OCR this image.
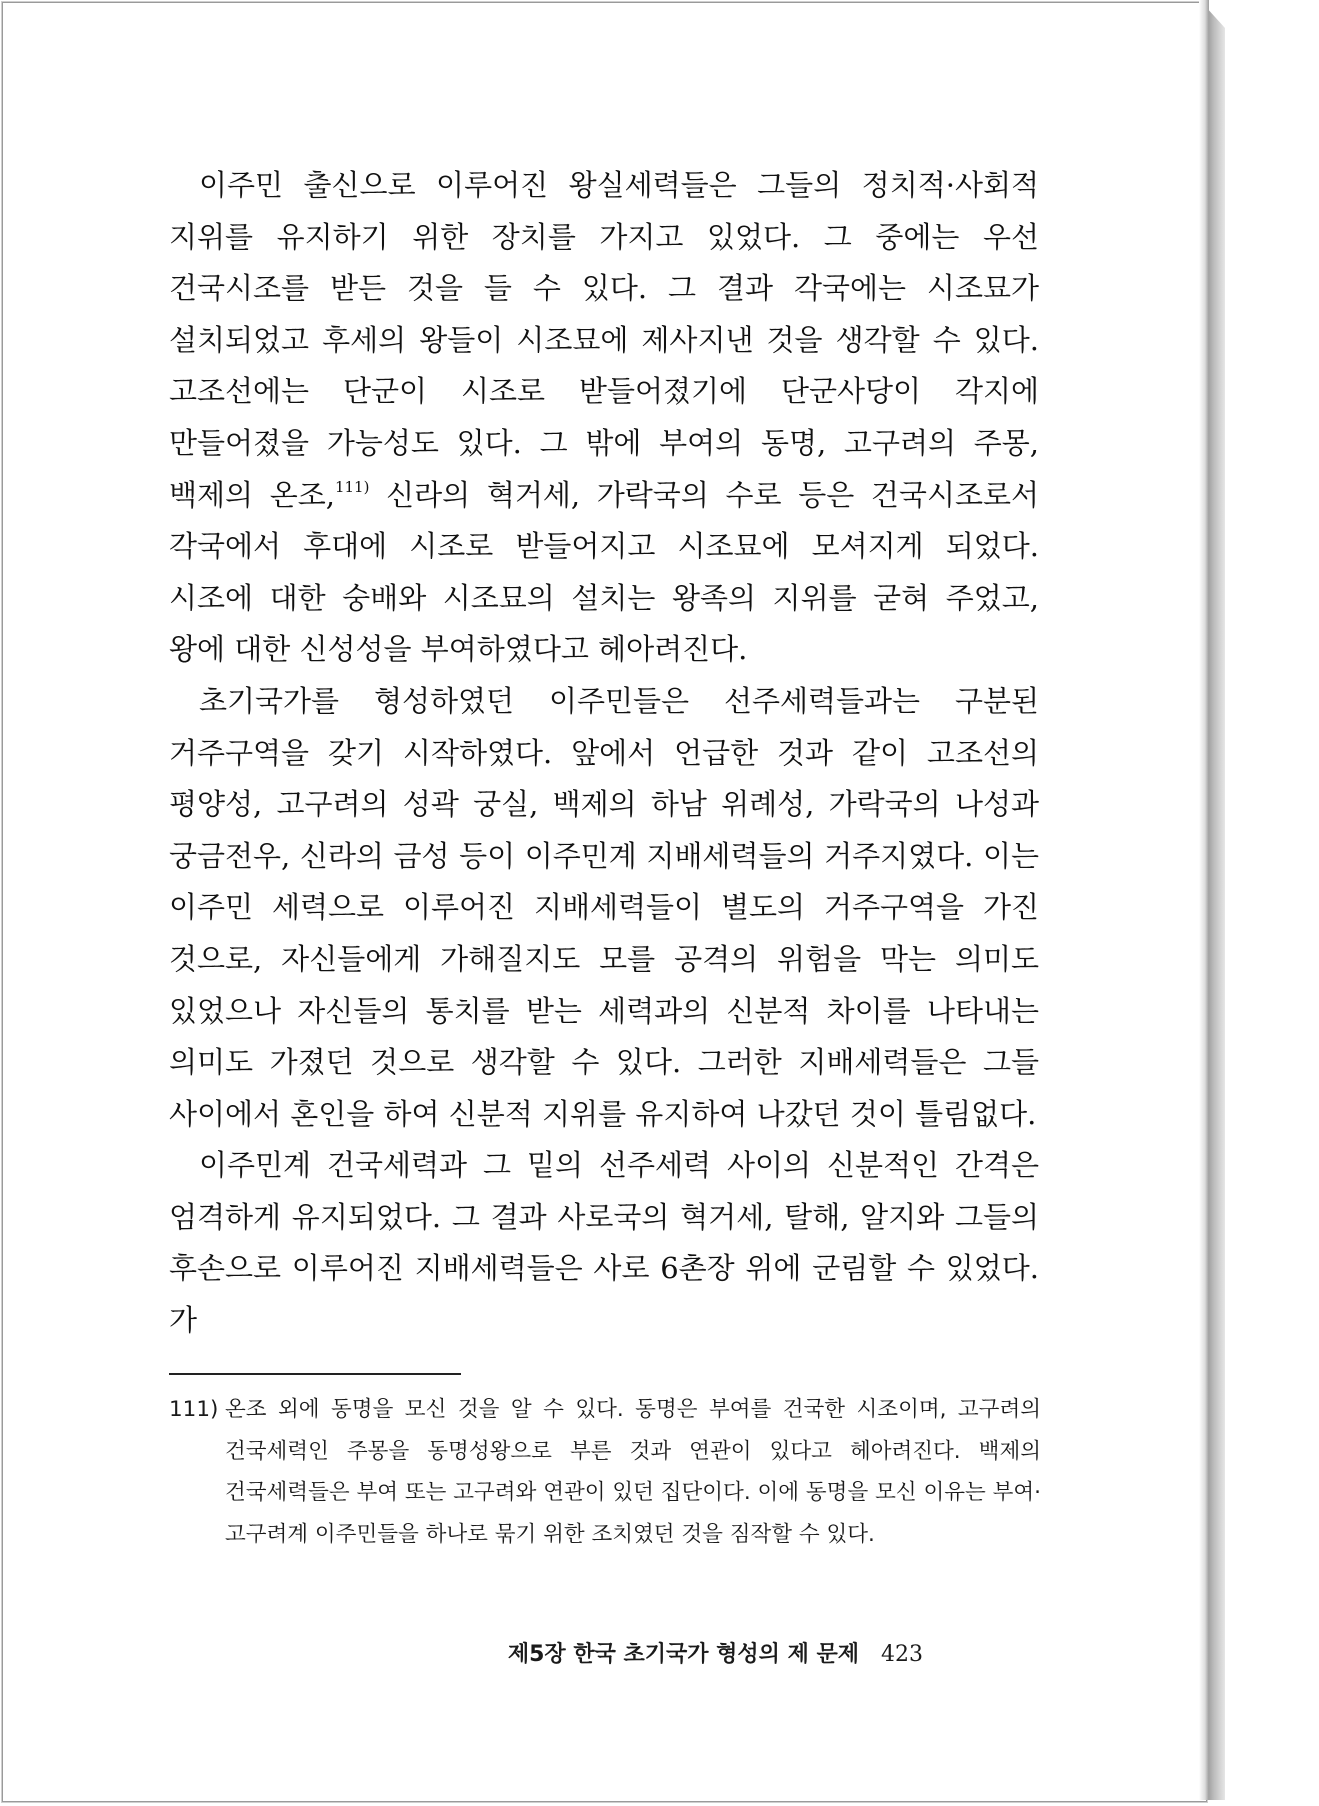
이주민 출신으로 이루어진 왕실세력들은 그들의 정치적·사회적 지위를 유지하기 위한 장치를 가지고 있었다. 그 중에는 우선 건국시조를 받든 것을 들 수 있다. 그 결과 각국에는 시조묘가 설치되었고 후세의 왕들이 시조묘에 제사지낸 것을 생각할 수 있다. 고조선에는 단군이 시조로 받들어졌기에 단군사당이 각지에 만들어졌을 가능성도 있다. 그 밖에 부여의 동명, 고구려의 주몽, 백제의 온조,$^{111)}$ 신라의 혁거세, 가락국의 수로 등은 건국시조로서 각국에서 후대에 시조로 받들어지고 시조묘에 모셔지게 되었다. 시조에 대한 숭배와 시조묘의 설치는 왕족의 지위를 굳혀 주었고, 왕에 대한 신성성을 부여하였다고 헤아려진다.

초기국가를 형성하였던 이주민들은 선주세력들과는 구분된 거주구역을 갖기 시작하였다. 앞에서 언급한 것과 같이 고조선의 평양성, 고구려의 성곽 궁실, 백제의 하남 위례성, 가락국의 나성과 궁금전우, 신라의 금성 등이 이주민계 지배세력들의 거주지였다. 이는 이주민 세력으로 이루어진 지배세력들이 별도의 거주구역을 가진 것으로, 자신들에게 가해질지도 모를 공격의 위험을 막는 의미도 있었으나 자신들의 통치를 받는 세력과의 신분적 차이를 나타내는 의미도 가졌던 것으로 생각할 수 있다. 그러한 지배세력들은 그들 사이에서 혼인을 하여 신분적 지위를 유지하여 나갔던 것이 틀림없다.

이주민계 건국세력과 그 밑의 선주세력 사이의 신분적인 간격은 엄격하게 유지되었다. 그 결과 사로국의 혁거세, 탈해, 알지와 그들의 후손으로 이루어진 지배세력들은 사로 6촌장 위에 군림할 수 있었다. 가

111) 온조 외에 동명을 모신 것을 알 수 있다. 동명은 부여를 건국한 시조이며, 고구려의 건국세력인 주몽을 동명성왕으로 부른 것과 연관이 있다고 헤아려진다. 백제의 건국세력들은 부여 또는 고구려와 연관이 있던 집단이다. 이에 동명을 모신 이유는 부여·고구려계 이주민들을 하나로 묶기 위한 조치였던 것을 짐작할 수 있다.
제5장 한국 초기국가 형성의 제 문제 423
